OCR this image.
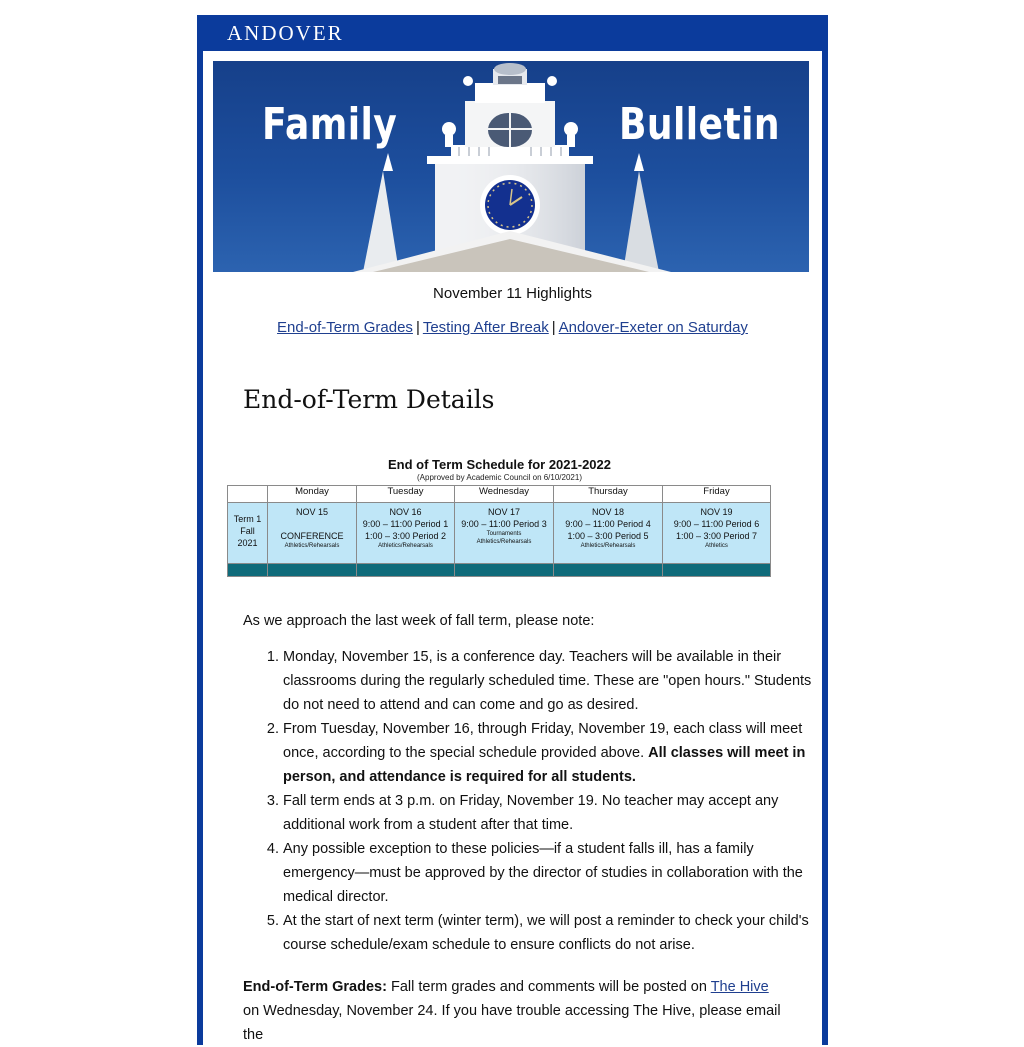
ANDOVER
Family	Bulletin
November 11 Highlights
End-of-Term Grades | Testing After Break | Andover-Exeter on Saturday
End-of-Term Details
End of Term Schedule for 2021-2022
(Approved by Academic Council on 6/10/2021)
	Monday	Tuesday	Wednesday	Thursday	Friday

Term 1
Fall
2021	NOV 15
CONFERENCE
Athletics/Rehearsals	NOV 16
9:00 – 11:00 Period 1
1:00 – 3:00 Period 2
Athletics/Rehearsals	NOV 17
9:00 – 11:00 Period 3
Tournaments Athletics/Rehearsals	NOV 18
9:00 – 11:00 Period 4
1:00 – 3:00 Period 5
Athletics/Rehearsals	NOV 19
9:00 – 11:00 Period 6
1:00 – 3:00 Period 7
Athletics

As we approach the last week of fall term, please note:
1. Monday, November 15, is a conference day. Teachers will be available in their classrooms during the regularly scheduled time. These are "open hours." Students do not need to attend and can come and go as desired.
2. From Tuesday, November 16, through Friday, November 19, each class will meet once, according to the special schedule provided above. All classes will meet in person, and attendance is required for all students.
3. Fall term ends at 3 p.m. on Friday, November 19. No teacher may accept any additional work from a student after that time.
4. Any possible exception to these policies—if a student falls ill, has a family emergency—must be approved by the director of studies in collaboration with the medical director.
5. At the start of next term (winter term), we will post a reminder to check your child's course schedule/exam schedule to ensure conflicts do not arise.
End-of-Term Grades: Fall term grades and comments will be posted on The Hive on Wednesday, November 24. If you have trouble accessing The Hive, please email the
